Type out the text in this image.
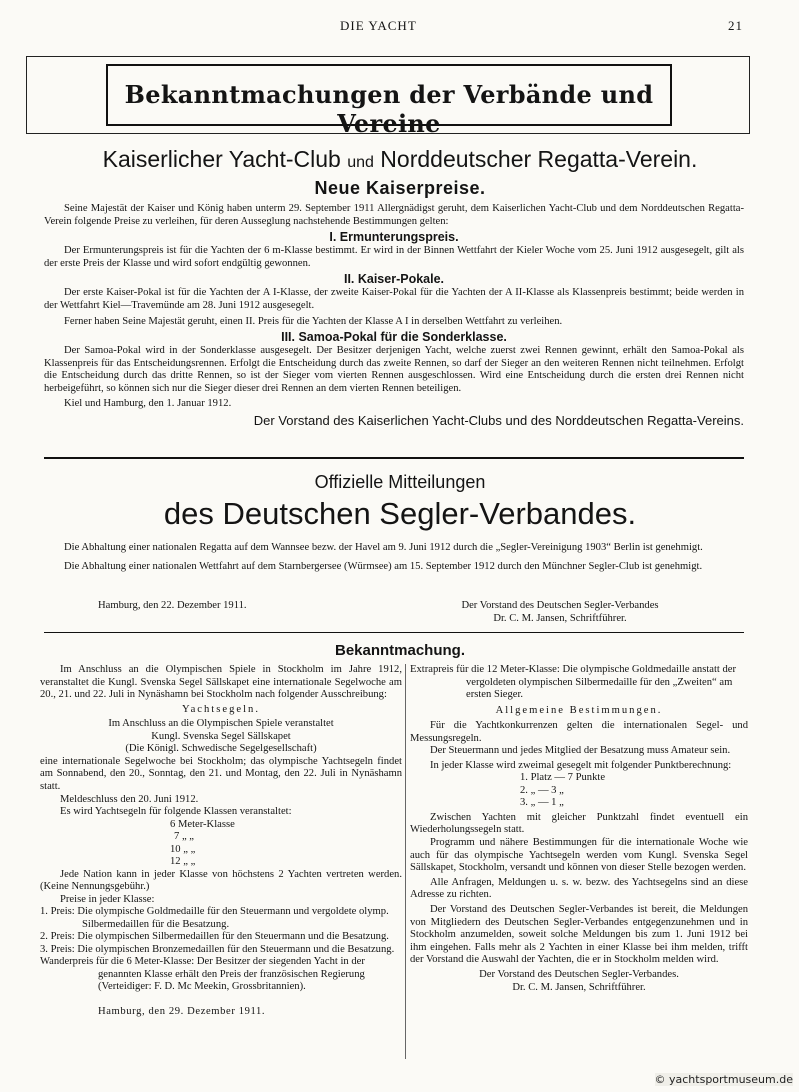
DIE YACHT	21
Bekanntmachungen der Verbände und Vereine
Kaiserlicher Yacht-Club und Norddeutscher Regatta-Verein.
Neue Kaiserpreise.

Seine Majestät der Kaiser und König haben unterm 29. September 1911 Allergnädigst geruht, dem Kaiserlichen Yacht-Club und dem Norddeutschen Regatta-Verein folgende Preise zu verleihen, für deren Ausseglung nachstehende Bestimmungen gelten:

I. Ermunterungspreis.

Der Ermunterungspreis ist für die Yachten der 6 m-Klasse bestimmt. Er wird in der Binnen Wettfahrt der Kieler Woche vom 25. Juni 1912 ausgesegelt, gilt als der erste Preis der Klasse und wird sofort endgültig gewonnen.

II. Kaiser-Pokale.

Der erste Kaiser-Pokal ist für die Yachten der A I-Klasse, der zweite Kaiser-Pokal für die Yachten der A II-Klasse als Klassenpreis bestimmt; beide werden in der Wettfahrt Kiel—Travemünde am 28. Juni 1912 ausgesegelt.

Ferner haben Seine Majestät geruht, einen II. Preis für die Yachten der Klasse A I in derselben Wettfahrt zu verleihen.

III. Samoa-Pokal für die Sonderklasse.

Der Samoa-Pokal wird in der Sonderklasse ausgesegelt. Der Besitzer derjenigen Yacht, welche zuerst zwei Rennen gewinnt, erhält den Samoa-Pokal als Klassenpreis für das Entscheidungsrennen. Erfolgt die Entscheidung durch das zweite Rennen, so darf der Sieger an den weiteren Rennen nicht teilnehmen. Erfolgt die Entscheidung durch das dritte Rennen, so ist der Sieger vom vierten Rennen ausgeschlossen. Wird eine Entscheidung durch die ersten drei Rennen nicht herbeigeführt, so können sich nur die Sieger dieser drei Rennen an dem vierten Rennen beteiligen.

Kiel und Hamburg, den 1. Januar 1912.

Der Vorstand des Kaiserlichen Yacht-Clubs und des Norddeutschen Regatta-Vereins.
Offizielle Mitteilungen
des Deutschen Segler-Verbandes.

Die Abhaltung einer nationalen Regatta auf dem Wannsee bezw. der Havel am 9. Juni 1912 durch die „Segler-Vereinigung 1903“ Berlin ist genehmigt.

Die Abhaltung einer nationalen Wettfahrt auf dem Starnbergersee (Würmsee) am 15. September 1912 durch den Münchner Segler-Club ist genehmigt.

Hamburg, den 22. Dezember 1911.	Der Vorstand des Deutschen Segler-Verbandes
Dr. C. M. Jansen, Schriftführer.
Bekanntmachung.

Im Anschluss an die Olympischen Spiele in Stockholm im Jahre 1912, veranstaltet die Kungl. Svenska Segel Sällskapet eine internationale Segelwoche am 20., 21. und 22. Juli in Nynäshamn bei Stockholm nach folgender Ausschreibung:

Yachtsegeln.

Im Anschluss an die Olympischen Spiele veranstaltet

Kungl. Svenska Segel Sällskapet

(Die Königl. Schwedische Segelgesellschaft)

eine internationale Segelwoche bei Stockholm; das olympische Yachtsegeln findet am Sonnabend, den 20., Sonntag, den 21. und Montag, den 22. Juli in Nynäshamn statt.

Meldeschluss den 20. Juni 1912.

Es wird Yachtsegeln für folgende Klassen veranstaltet:

6 Meter-Klasse

7 „ „

10 „ „

12 „ „

Jede Nation kann in jeder Klasse von höchstens 2 Yachten vertreten werden. (Keine Nennungsgebühr.)

Preise in jeder Klasse:

1. Preis: Die olympische Goldmedaille für den Steuermann und vergoldete olymp. Silbermedaillen für die Besatzung.

2. Preis: Die olympischen Silbermedaillen für den Steuermann und die Besatzung.

3. Preis: Die olympischen Bronzemedaillen für den Steuermann und die Besatzung.

Wanderpreis für die 6 Meter-Klasse: Der Besitzer der siegenden Yacht in der genannten Klasse erhält den Preis der französischen Regierung (Verteidiger: F. D. Mc Meekin, Grossbritannien).

Hamburg, den 29. Dezember 1911.

Extrapreis für die 12 Meter-Klasse: Die olympische Goldmedaille anstatt der vergoldeten olympischen Silbermedaille für den „Zweiten“ am ersten Sieger.

Allgemeine Bestimmungen.

Für die Yachtkonkurrenzen gelten die internationalen Segel- und Messungsregeln.

Der Steuermann und jedes Mitglied der Besatzung muss Amateur sein.

In jeder Klasse wird zweimal gesegelt mit folgender Punktberechnung:

1. Platz — 7 Punkte

2. „ — 3 „

3. „ — 1 „

Zwischen Yachten mit gleicher Punktzahl findet eventuell ein Wiederholungssegeln statt.

Programm und nähere Bestimmungen für die internationale Woche wie auch für das olympische Yachtsegeln werden vom Kungl. Svenska Segel Sällskapet, Stockholm, versandt und können von dieser Stelle bezogen werden.

Alle Anfragen, Meldungen u. s. w. bezw. des Yachtsegelns sind an diese Adresse zu richten.

Der Vorstand des Deutschen Segler-Verbandes ist bereit, die Meldungen von Mitgliedern des Deutschen Segler-Verbandes entgegenzunehmen und in Stockholm anzumelden, soweit solche Meldungen bis zum 1. Juni 1912 bei ihm eingehen. Falls mehr als 2 Yachten in einer Klasse bei ihm melden, trifft der Vorstand die Auswahl der Yachten, die er in Stockholm melden wird.

Der Vorstand des Deutschen Segler-Verbandes.

Dr. C. M. Jansen, Schriftführer.

© yachtsportmuseum.de
